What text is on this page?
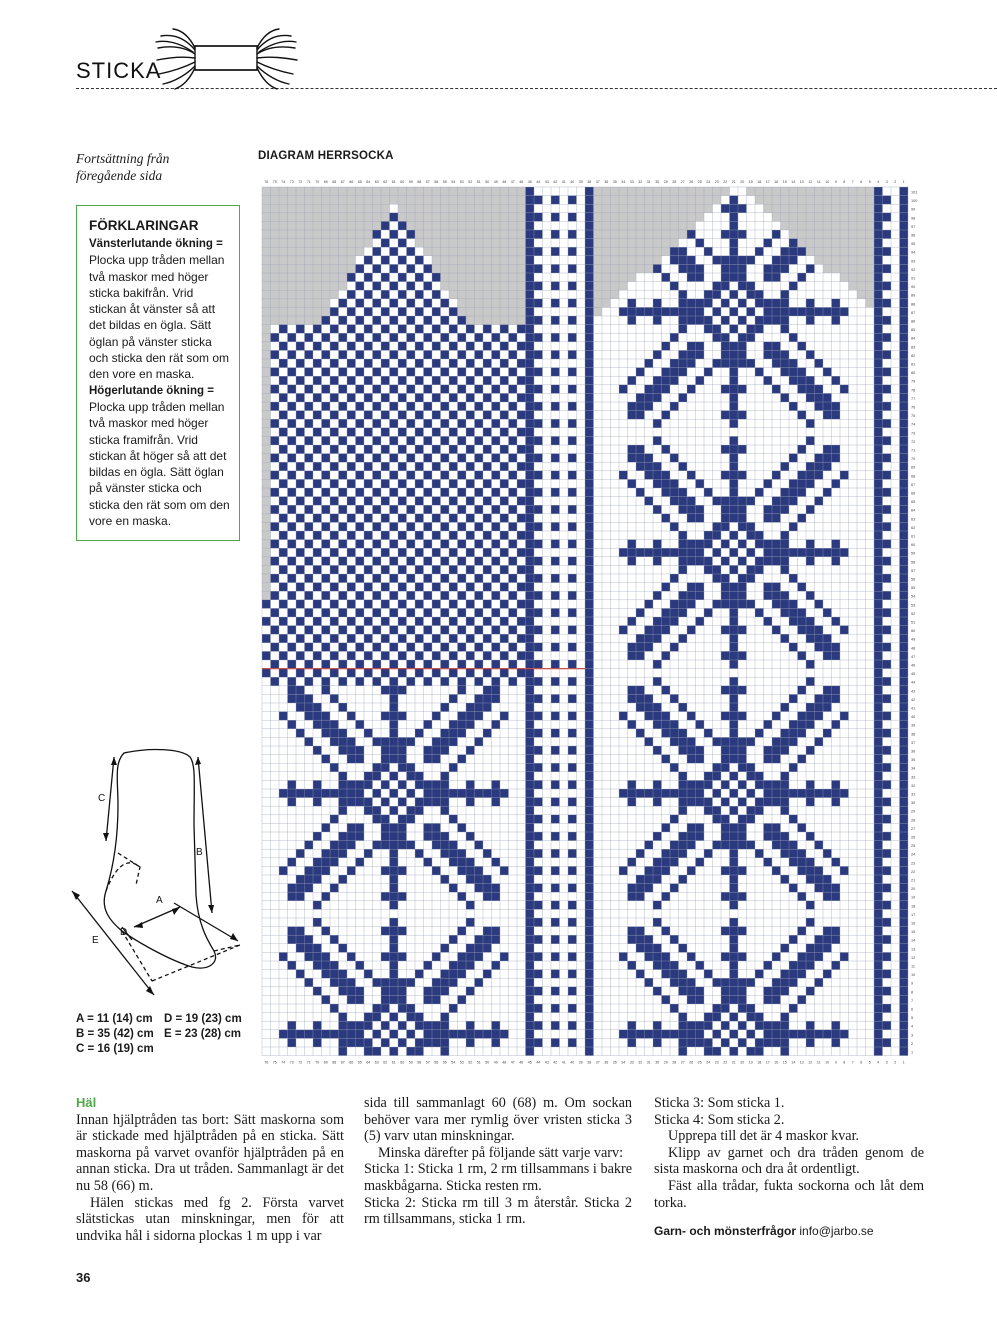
STICKA
Fortsättning från
föregående sida
FÖRKLARINGAR
Vänsterlutande ökning =
Plocka upp tråden mellan två maskor med höger sticka bakifrån. Vrid stickan åt vänster så att det bildas en ögla. Sätt öglan på vänster sticka och sticka den rät som om den vore en maska.
Högerlutande ökning =
Plocka upp tråden mellan två maskor med höger sticka framifrån. Vrid stickan åt höger så att det bildas en ögla. Sätt öglan på vänster sticka och sticka den rät som om den vore en maska.
DIAGRAM HERRSOCKA
76
76
75
75
74
74
73
73
72
72
71
71
70
70
69
69
68
68
67
67
66
66
65
65
64
64
63
63
62
62
61
61
60
60
59
59
58
58
57
57
56
56
55
55
54
54
53
53
52
52
51
51
50
50
49
49
48
48
47
47
46
46
45
45
44
44
43
43
42
42
41
41
40
40
39
39
38
38
37
37
36
36
35
35
34
34
33
33
32
32
31
31
30
30
29
29
28
28
27
27
26
26
25
25
24
24
23
23
22
22
21
21
20
20
19
19
18
18
17
17
16
16
15
15
14
14
13
13
12
12
11
11
10
10
9
9
8
8
7
7
6
6
5
5
4
4
3
3
2
2
1
1
101
100
99
98
97
96
95
94
93
92
91
90
89
88
87
86
85
84
83
82
81
80
79
78
77
76
75
74
73
72
71
70
69
68
67
66
65
64
63
62
61
60
59
58
57
56
55
54
53
52
51
50
49
48
47
46
45
44
43
42
41
40
39
38
37
36
35
34
33
32
31
30
29
28
27
26
25
24
23
22
21
20
19
18
17
16
15
14
13
12
11
10
9
8
7
6
5
4
3
2
1
C
B
A
D
E
A = 11 (14) cm
B = 35 (42) cm
C = 16 (19) cm
D = 19 (23) cm
E = 23 (28) cm

Häl

Innan hjälptråden tas bort: Sätt maskorna som är stickade med hjälptråden på en sticka. Sätt maskorna på varvet ovanför hjälptråden på en annan sticka. Dra ut tråden. Sammanlagt är det nu 58 (66) m.

Hälen stickas med fg 2. Första varvet slätstickas utan minskningar, men för att undvika hål i sidorna plockas 1 m upp i var

sida till sammanlagt 60 (68) m. Om sockan behöver vara mer rymlig över vristen sticka 3 (5) varv utan minskningar.

Minska därefter på följande sätt varje varv:

Sticka 1: Sticka 1 rm, 2 rm tillsammans i bakre maskbågarna. Sticka resten rm.

Sticka 2: Sticka rm till 3 m återstår. Sticka 2 rm tillsammans, sticka 1 rm.

Sticka 3: Som sticka 1.

Sticka 4: Som sticka 2.

Upprepa till det är 4 maskor kvar.

Klipp av garnet och dra tråden genom de sista maskorna och dra åt ordentligt.

Fäst alla trådar, fukta sockorna och låt dem torka.

Garn- och mönsterfrågor info@jarbo.se

36
